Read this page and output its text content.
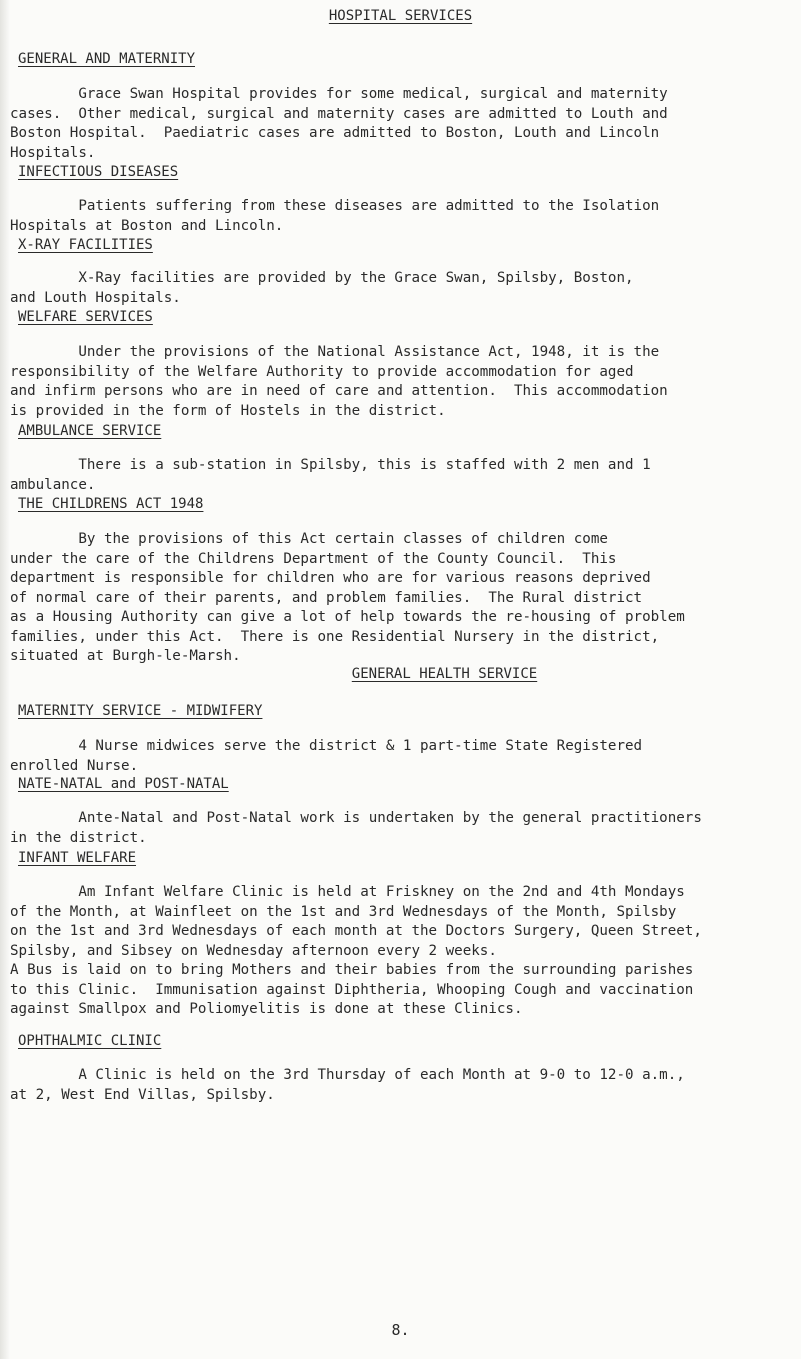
HOSPITAL SERVICES
GENERAL AND MATERNITY
Grace Swan Hospital provides for some medical, surgical and maternity
cases.  Other medical, surgical and maternity cases are admitted to Louth and
Boston Hospital.  Paediatric cases are admitted to Boston, Louth and Lincoln
Hospitals.
INFECTIOUS DISEASES
Patients suffering from these diseases are admitted to the Isolation
Hospitals at Boston and Lincoln.
X-RAY FACILITIES
X-Ray facilities are provided by the Grace Swan, Spilsby, Boston,
and Louth Hospitals.
WELFARE SERVICES
Under the provisions of the National Assistance Act, 1948, it is the
responsibility of the Welfare Authority to provide accommodation for aged
and infirm persons who are in need of care and attention.  This accommodation
is provided in the form of Hostels in the district.
AMBULANCE SERVICE
There is a sub-station in Spilsby, this is staffed with 2 men and 1
ambulance.
THE CHILDRENS ACT 1948
By the provisions of this Act certain classes of children come
under the care of the Childrens Department of the County Council.  This
department is responsible for children who are for various reasons deprived
of normal care of their parents, and problem families.  The Rural district
as a Housing Authority can give a lot of help towards the re-housing of problem
families, under this Act.  There is one Residential Nursery in the district,
situated at Burgh-le-Marsh.
GENERAL HEALTH SERVICE
MATERNITY SERVICE - MIDWIFERY
4 Nurse midwices serve the district & 1 part-time State Registered
enrolled Nurse.
NATE-NATAL and POST-NATAL
Ante-Natal and Post-Natal work is undertaken by the general practitioners
in the district.
INFANT WELFARE
Am Infant Welfare Clinic is held at Friskney on the 2nd and 4th Mondays
of the Month, at Wainfleet on the 1st and 3rd Wednesdays of the Month, Spilsby
on the 1st and 3rd Wednesdays of each month at the Doctors Surgery, Queen Street,
Spilsby, and Sibsey on Wednesday afternoon every 2 weeks.
A Bus is laid on to bring Mothers and their babies from the surrounding parishes
to this Clinic.  Immunisation against Diphtheria, Whooping Cough and vaccination
against Smallpox and Poliomyelitis is done at these Clinics.
OPHTHALMIC CLINIC
A Clinic is held on the 3rd Thursday of each Month at 9-0 to 12-0 a.m.,
at 2, West End Villas, Spilsby.
8.
